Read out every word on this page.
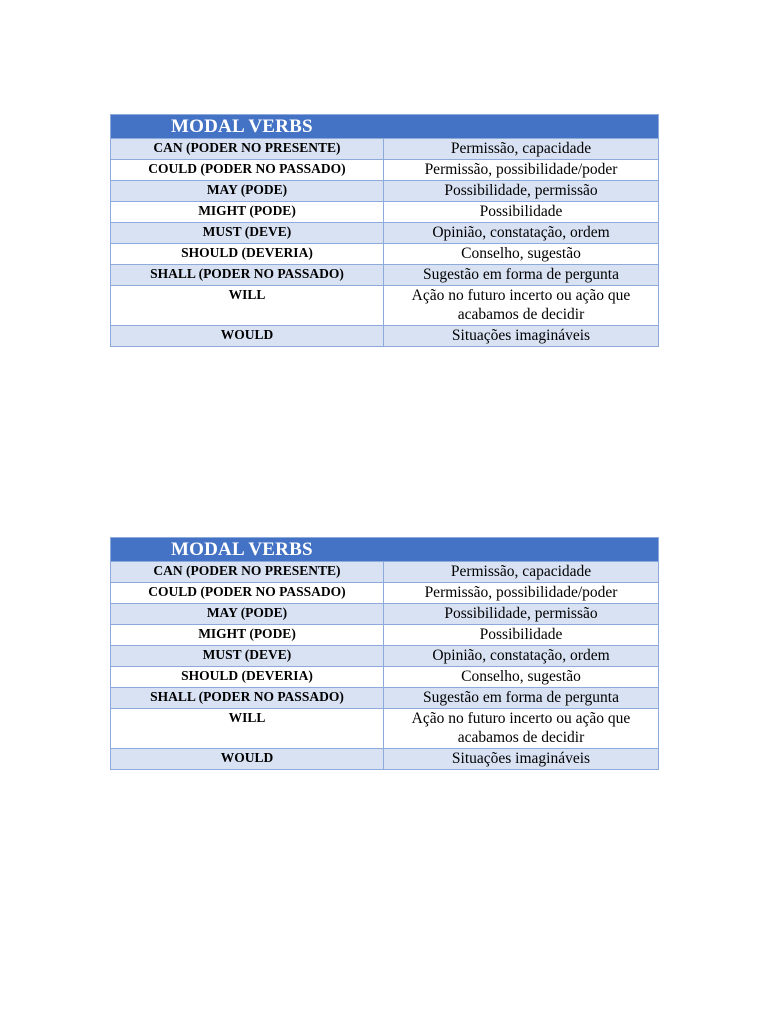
MODAL VERBS	
CAN (PODER NO PRESENTE)	Permissão, capacidade
COULD (PODER NO PASSADO)	Permissão, possibilidade/poder
MAY (PODE)	Possibilidade, permissão
MIGHT (PODE)	Possibilidade
MUST (DEVE)	Opinião, constatação, ordem
SHOULD (DEVERIA)	Conselho, sugestão
SHALL (PODER NO PASSADO)	Sugestão em forma de pergunta
WILL	Ação no futuro incerto ou ação que acabamos de decidir
WOULD	Situações imagináveis
MODAL VERBS	
CAN (PODER NO PRESENTE)	Permissão, capacidade
COULD (PODER NO PASSADO)	Permissão, possibilidade/poder
MAY (PODE)	Possibilidade, permissão
MIGHT (PODE)	Possibilidade
MUST (DEVE)	Opinião, constatação, ordem
SHOULD (DEVERIA)	Conselho, sugestão
SHALL (PODER NO PASSADO)	Sugestão em forma de pergunta
WILL	Ação no futuro incerto ou ação que acabamos de decidir
WOULD	Situações imagináveis
